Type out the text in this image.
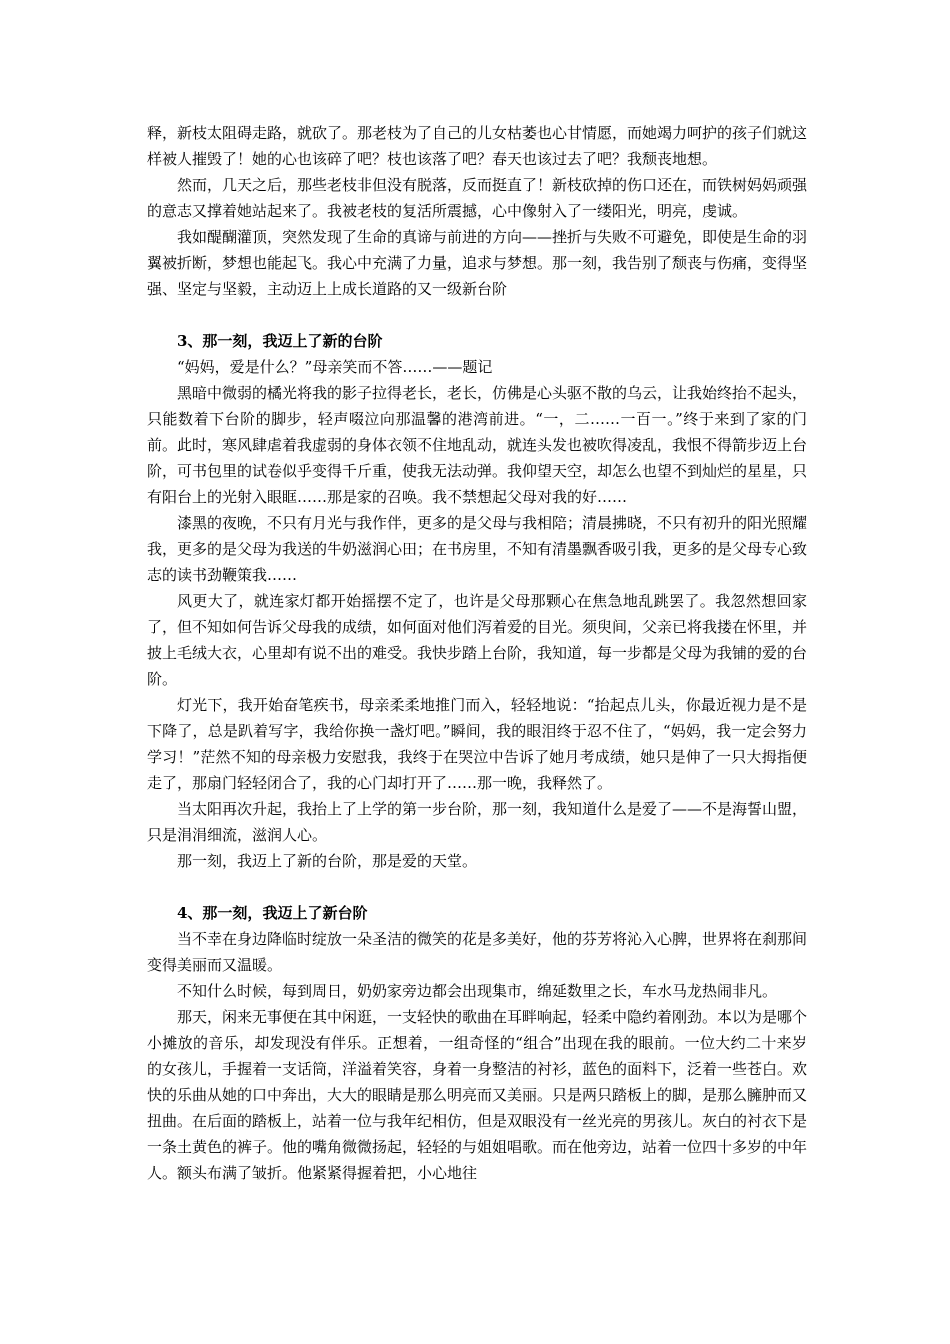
释，新枝太阻碍走路，就砍了。那老枝为了自己的儿女枯萎也心甘情愿，而她竭力呵护的孩子们就这样被人摧毁了！她的心也该碎了吧？枝也该落了吧？春天也该过去了吧？我颓丧地想。

然而，几天之后，那些老枝非但没有脱落，反而挺直了！新枝砍掉的伤口还在，而铁树妈妈顽强的意志又撑着她站起来了。我被老枝的复活所震撼，心中像射入了一缕阳光，明亮，虔诚。

我如醍醐灌顶，突然发现了生命的真谛与前进的方向——挫折与失败不可避免，即使是生命的羽翼被折断，梦想也能起飞。我心中充满了力量，追求与梦想。那一刻，我告别了颓丧与伤痛，变得坚强、坚定与坚毅，主动迈上上成长道路的又一级新台阶

3、那一刻，我迈上了新的台阶

“妈妈，爱是什么？”母亲笑而不答……——题记

黑暗中微弱的橘光将我的影子拉得老长，老长，仿佛是心头驱不散的乌云，让我始终抬不起头，只能数着下台阶的脚步，轻声啜泣向那温馨的港湾前进。“一，二……一百一。”终于来到了家的门前。此时，寒风肆虐着我虚弱的身体衣领不住地乱动，就连头发也被吹得凌乱，我恨不得箭步迈上台阶，可书包里的试卷似乎变得千斤重，使我无法动弹。我仰望天空，却怎么也望不到灿烂的星星，只有阳台上的光射入眼眶……那是家的召唤。我不禁想起父母对我的好……

漆黑的夜晚，不只有月光与我作伴，更多的是父母与我相陪；清晨拂晓，不只有初升的阳光照耀我，更多的是父母为我送的牛奶滋润心田；在书房里，不知有清墨飘香吸引我，更多的是父母专心致志的读书劲鞭策我……

风更大了，就连家灯都开始摇摆不定了，也许是父母那颗心在焦急地乱跳罢了。我忽然想回家了，但不知如何告诉父母我的成绩，如何面对他们泻着爱的目光。须臾间，父亲已将我搂在怀里，并披上毛绒大衣，心里却有说不出的难受。我快步踏上台阶，我知道，每一步都是父母为我铺的爱的台阶。

灯光下，我开始奋笔疾书，母亲柔柔地推门而入，轻轻地说：“抬起点儿头，你最近视力是不是下降了，总是趴着写字，我给你换一盏灯吧。”瞬间，我的眼泪终于忍不住了，“妈妈，我一定会努力学习！”茫然不知的母亲极力安慰我，我终于在哭泣中告诉了她月考成绩，她只是伸了一只大拇指便走了，那扇门轻轻闭合了，我的心门却打开了……那一晚，我释然了。

当太阳再次升起，我抬上了上学的第一步台阶，那一刻，我知道什么是爱了——不是海誓山盟，只是涓涓细流，滋润人心。

那一刻，我迈上了新的台阶，那是爱的天堂。

4、那一刻，我迈上了新台阶

当不幸在身边降临时绽放一朵圣洁的微笑的花是多美好，他的芬芳将沁入心脾，世界将在刹那间变得美丽而又温暖。

不知什么时候，每到周日，奶奶家旁边都会出现集市，绵延数里之长，车水马龙热闹非凡。

那天，闲来无事便在其中闲逛，一支轻快的歌曲在耳畔响起，轻柔中隐约着刚劲。本以为是哪个小摊放的音乐，却发现没有伴乐。正想着，一组奇怪的“组合”出现在我的眼前。一位大约二十来岁的女孩儿，手握着一支话筒，洋溢着笑容，身着一身整洁的衬衫，蓝色的面料下，泛着一些苍白。欢快的乐曲从她的口中奔出，大大的眼睛是那么明亮而又美丽。只是两只踏板上的脚，是那么臃肿而又扭曲。在后面的踏板上，站着一位与我年纪相仿，但是双眼没有一丝光亮的男孩儿。灰白的衬衣下是一条土黄色的裤子。他的嘴角微微扬起，轻轻的与姐姐唱歌。而在他旁边，站着一位四十多岁的中年人。额头布满了皱折。他紧紧得握着把，小心地往
